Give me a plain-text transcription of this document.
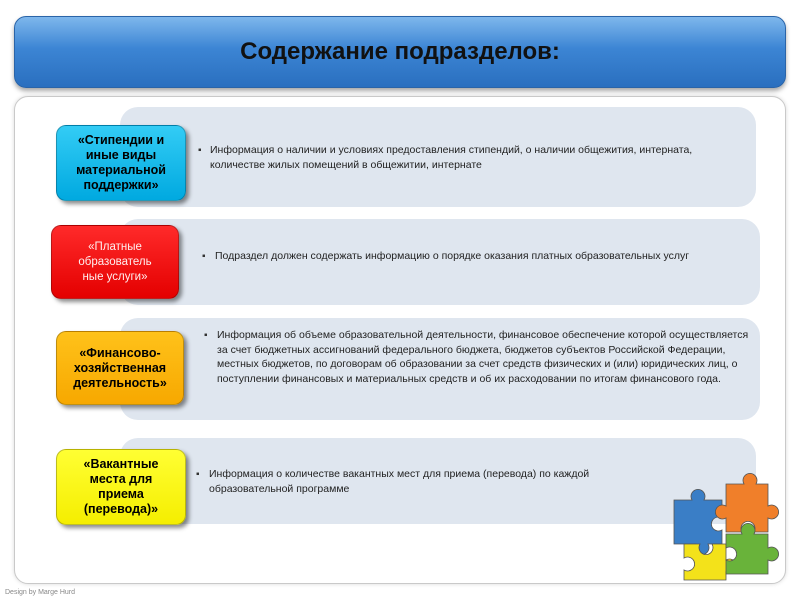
Содержание подразделов:
▪ Информация о наличии и условиях предоставления стипендий, о наличии общежития, интерната, количестве жилых помещений в общежитии, интернате
«Стипендии и
иные виды
материальной
поддержки»
▪ Подраздел должен содержать информацию о порядке оказания платных образовательных услуг
«Платные
образователь
ные услуги»
▪ Информация об объеме образовательной деятельности, финансовое обеспечение которой осуществляется за счет бюджетных ассигнований федерального бюджета, бюджетов субъектов Российской Федерации, местных бюджетов, по договорам об образовании за счет средств физических и (или) юридических лиц, о поступлении финансовых и материальных средств и об их расходовании по итогам финансового года.
«Финансово-
хозяйственная
деятельность»
▪ Информация о количестве вакантных мест для приема (перевода) по каждой образовательной программе
«Вакантные
места для
приема
(перевода)»
Design by Marge Hurd
